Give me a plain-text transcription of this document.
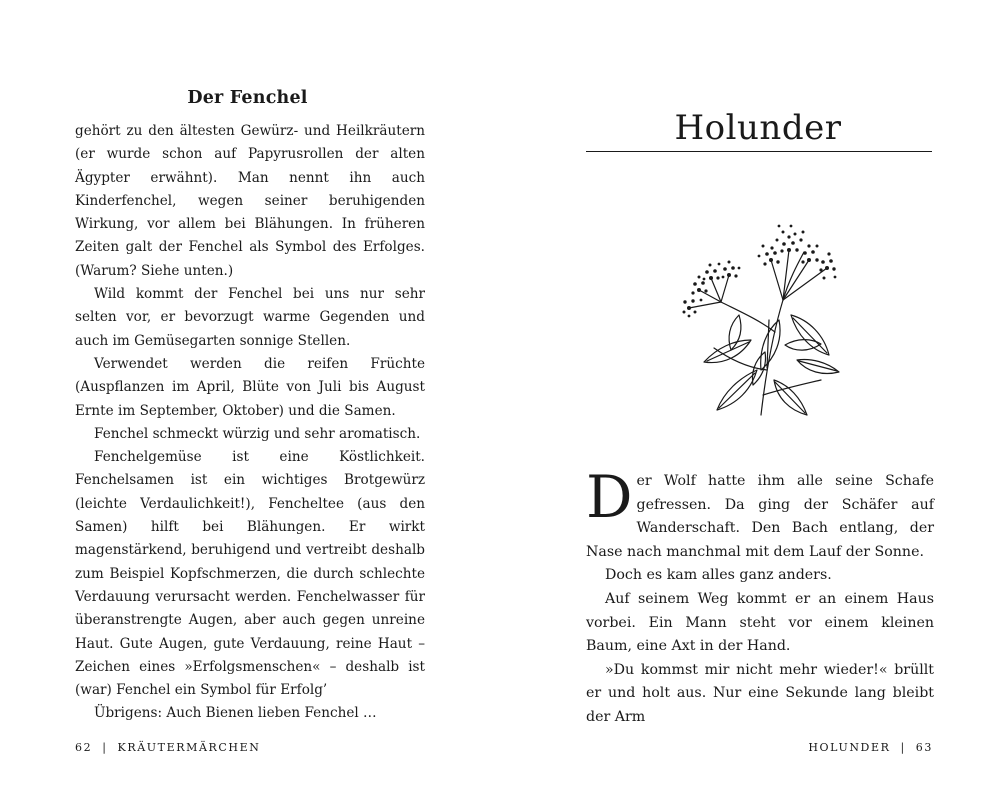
Der Fenchel

gehört zu den ältesten Gewürz- und Heilkräutern (er wurde schon auf Papyrusrollen der alten Ägypter erwähnt). Man nennt ihn auch Kinderfenchel, wegen seiner beruhigenden Wirkung, vor allem bei Blähungen. In früheren Zeiten galt der Fenchel als Symbol des Erfolges. (Warum? Siehe unten.)

Wild kommt der Fenchel bei uns nur sehr selten vor, er bevorzugt warme Gegenden und auch im Gemüsegarten sonnige Stellen.

Verwendet werden die reifen Früchte (Auspflanzen im April, Blüte von Juli bis August Ernte im September, Oktober) und die Samen.

Fenchel schmeckt würzig und sehr aromatisch.

Fenchelgemüse ist eine Köstlichkeit. Fenchelsamen ist ein wichtiges Brotgewürz (leichte Verdaulichkeit!), Fencheltee (aus den Samen) hilft bei Blähungen. Er wirkt magenstärkend, beruhigend und vertreibt deshalb zum Beispiel Kopfschmerzen, die durch schlechte Verdauung verursacht werden. Fenchelwasser für überanstrengte Augen, aber auch gegen unreine Haut. Gute Augen, gute Verdauung, reine Haut – Zeichen eines »Erfolgsmenschen« – deshalb ist (war) Fenchel ein Symbol für Erfolg’

Übrigens: Auch Bienen lieben Fenchel …

62 | KRÄUTERMÄRCHEN
Holunder

Der Wolf hatte ihm alle seine Schafe gefressen. Da ging der Schäfer auf Wanderschaft. Den Bach entlang, der Nase nach manchmal mit dem Lauf der Sonne.

Doch es kam alles ganz anders.

Auf seinem Weg kommt er an einem Haus vorbei. Ein Mann steht vor einem kleinen Baum, eine Axt in der Hand.

»Du kommst mir nicht mehr wieder!« brüllt er und holt aus. Nur eine Sekunde lang bleibt der Arm

HOLUNDER | 63
